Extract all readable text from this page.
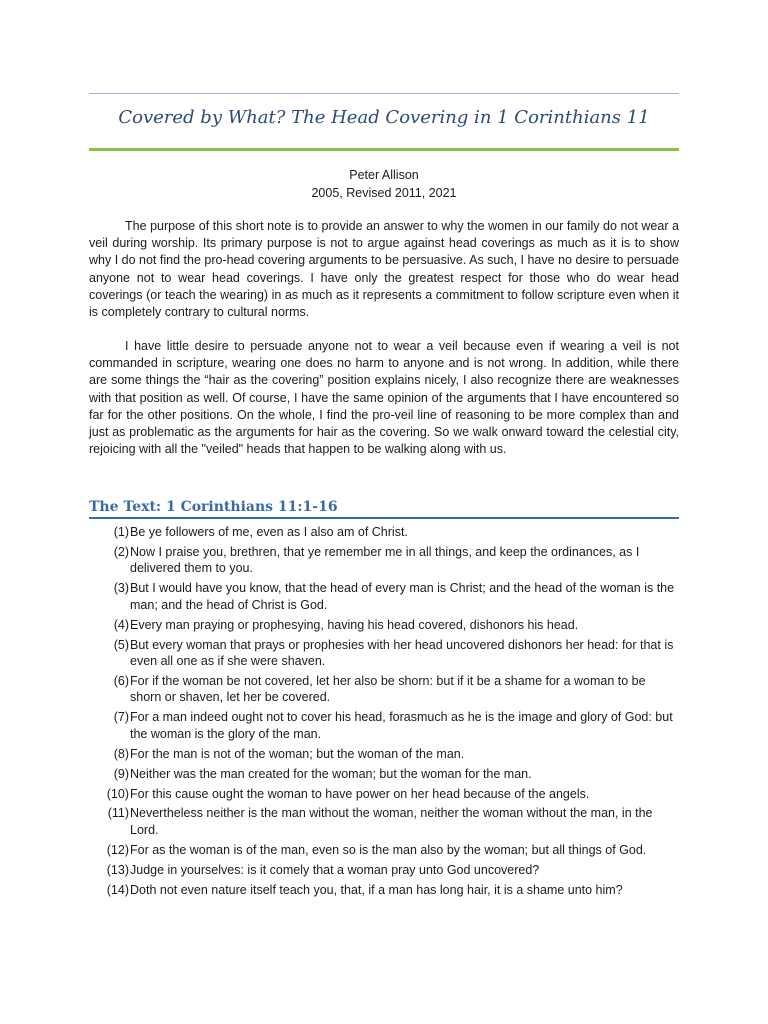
Covered by What? The Head Covering in 1 Corinthians 11
Peter Allison
2005, Revised 2011, 2021

The purpose of this short note is to provide an answer to why the women in our family do not wear a veil during worship. Its primary purpose is not to argue against head coverings as much as it is to show why I do not find the pro-head covering arguments to be persuasive. As such, I have no desire to persuade anyone not to wear head coverings. I have only the greatest respect for those who do wear head coverings (or teach the wearing) in as much as it represents a commitment to follow scripture even when it is completely contrary to cultural norms.

I have little desire to persuade anyone not to wear a veil because even if wearing a veil is not commanded in scripture, wearing one does no harm to anyone and is not wrong. In addition, while there are some things the “hair as the covering” position explains nicely, I also recognize there are weaknesses with that position as well. Of course, I have the same opinion of the arguments that I have encountered so far for the other positions. On the whole, I find the pro-veil line of reasoning to be more complex than and just as problematic as the arguments for hair as the covering. So we walk onward toward the celestial city, rejoicing with all the "veiled" heads that happen to be walking along with us.

The Text: 1 Corinthians 11:1-16
(1) Be ye followers of me, even as I also am of Christ.
(2) Now I praise you, brethren, that ye remember me in all things, and keep the ordinances, as I delivered them to you.
(3) But I would have you know, that the head of every man is Christ; and the head of the woman is the man; and the head of Christ is God.
(4) Every man praying or prophesying, having his head covered, dishonors his head.
(5) But every woman that prays or prophesies with her head uncovered dishonors her head: for that is even all one as if she were shaven.
(6) For if the woman be not covered, let her also be shorn: but if it be a shame for a woman to be shorn or shaven, let her be covered.
(7) For a man indeed ought not to cover his head, forasmuch as he is the image and glory of God: but the woman is the glory of the man.
(8) For the man is not of the woman; but the woman of the man.
(9) Neither was the man created for the woman; but the woman for the man.
(10) For this cause ought the woman to have power on her head because of the angels.
(11) Nevertheless neither is the man without the woman, neither the woman without the man, in the Lord.
(12) For as the woman is of the man, even so is the man also by the woman; but all things of God.
(13) Judge in yourselves: is it comely that a woman pray unto God uncovered?
(14) Doth not even nature itself teach you, that, if a man has long hair, it is a shame unto him?
